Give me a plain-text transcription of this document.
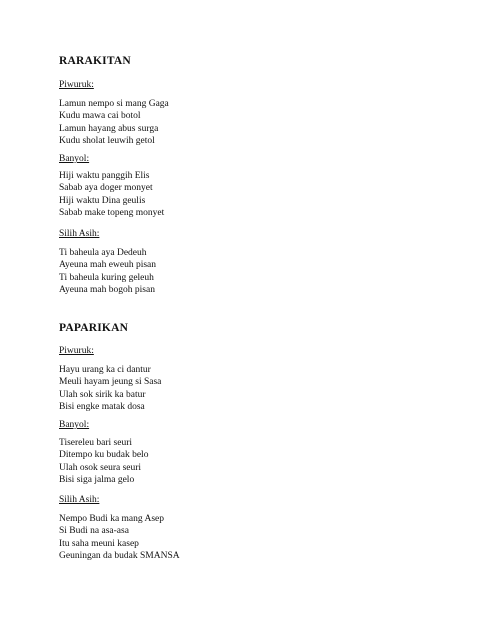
RARAKITAN

Piwuruk:

Lamun nempo si mang Gaga
Kudu mawa cai botol
Lamun hayang abus surga
Kudu sholat leuwih getol

Banyol:

Hiji waktu panggih Elis
Sabab aya doger monyet
Hiji waktu Dina geulis
Sabab make topeng monyet

Silih Asih:

Ti baheula aya Dedeuh
Ayeuna mah eweuh pisan
Ti baheula kuring geleuh
Ayeuna mah bogoh pisan
PAPARIKAN

Piwuruk:

Hayu urang ka ci dantur
Meuli hayam jeung si Sasa
Ulah sok sirik ka batur
Bisi engke matak dosa

Banyol:

Tisereleu bari seuri
Ditempo ku budak belo
Ulah osok seura seuri
Bisi siga jalma gelo

Silih Asih:

Nempo Budi ka mang Asep
Si Budi na asa-asa
Itu saha meuni kasep
Geuningan da budak SMANSA
